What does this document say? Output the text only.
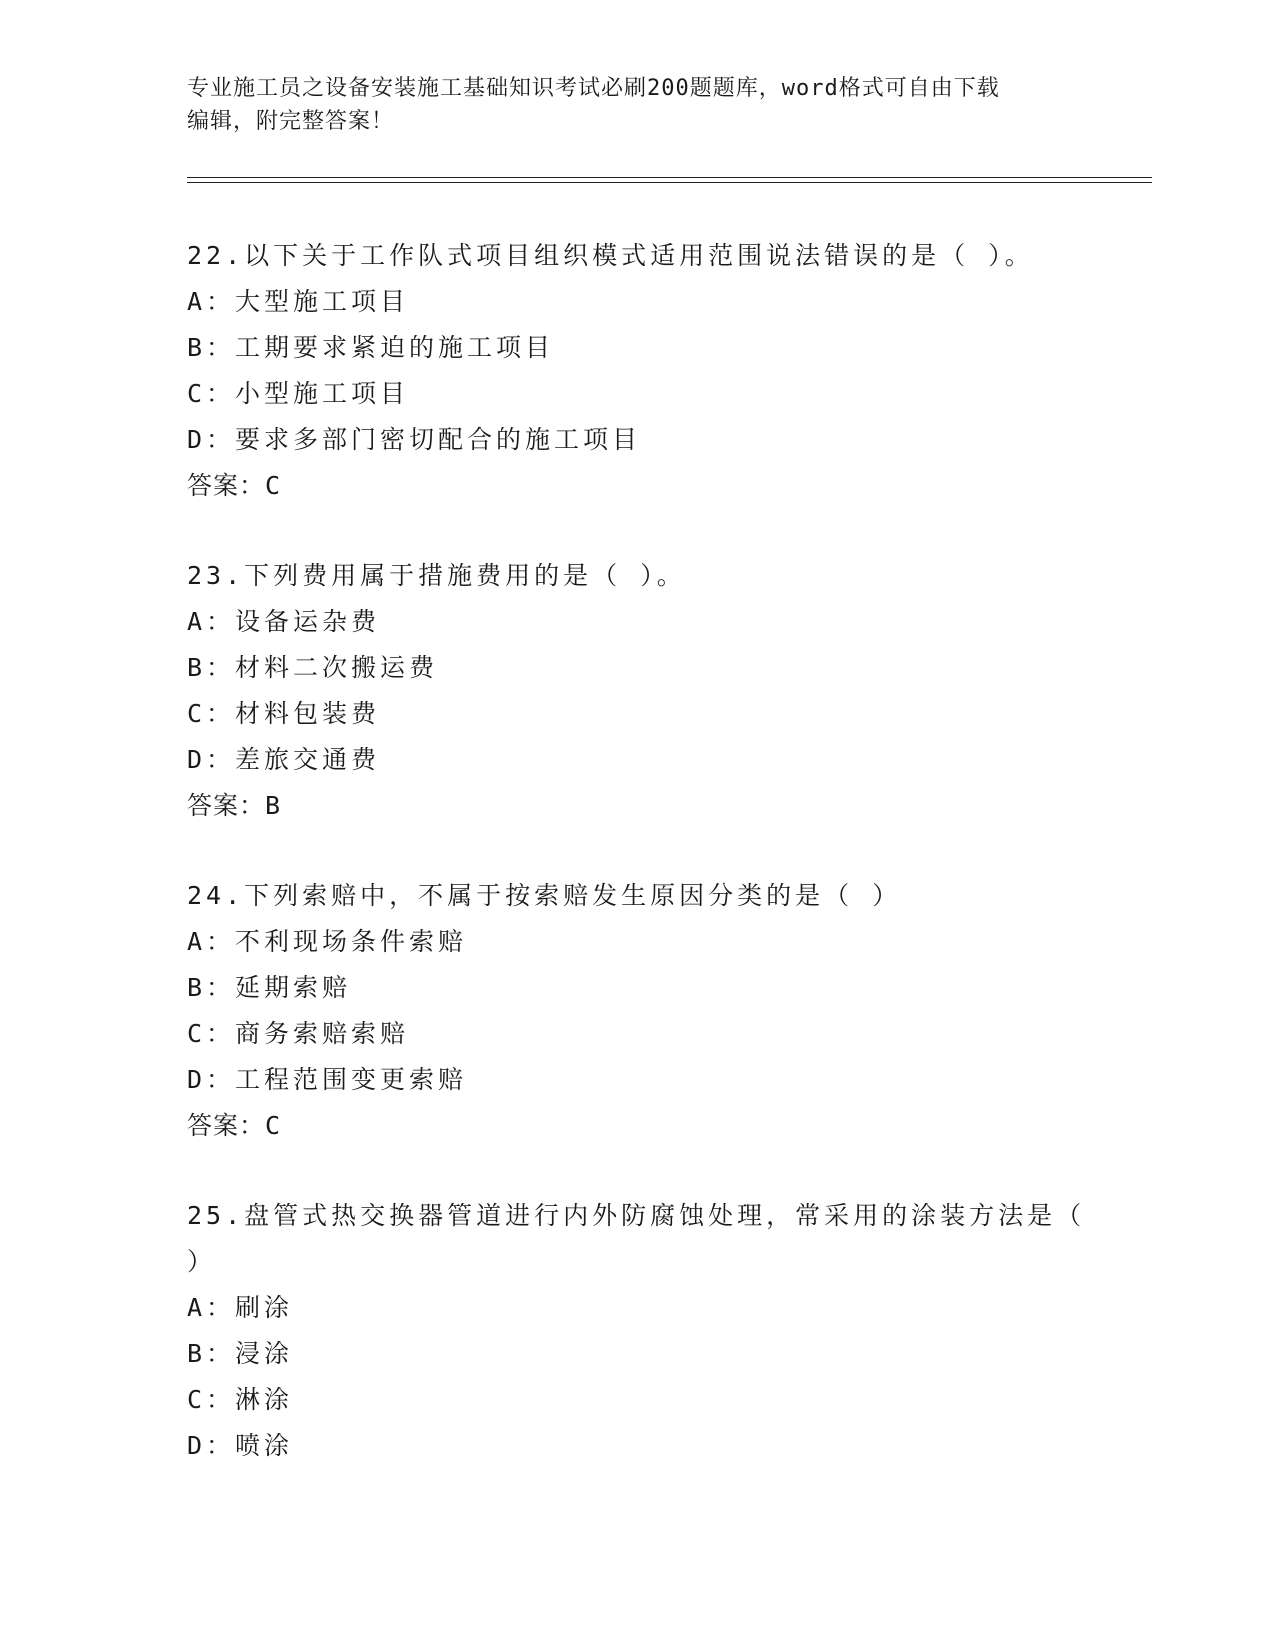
专业施工员之设备安装施工基础知识考试必刷200题题库，word格式可自由下载
编辑，附完整答案！
22.以下关于工作队式项目组织模式适用范围说法错误的是（ ）。
A：大型施工项目
B：工期要求紧迫的施工项目
C：小型施工项目
D：要求多部门密切配合的施工项目
答案：C
23.下列费用属于措施费用的是（ ）。
A：设备运杂费
B：材料二次搬运费
C：材料包装费
D：差旅交通费
答案：B
24.下列索赔中，不属于按索赔发生原因分类的是（ ）
A：不利现场条件索赔
B：延期索赔
C：商务索赔索赔
D：工程范围变更索赔
答案：C
25.盘管式热交换器管道进行内外防腐蚀处理，常采用的涂装方法是（
）
A：刷涂
B：浸涂
C：淋涂
D：喷涂
